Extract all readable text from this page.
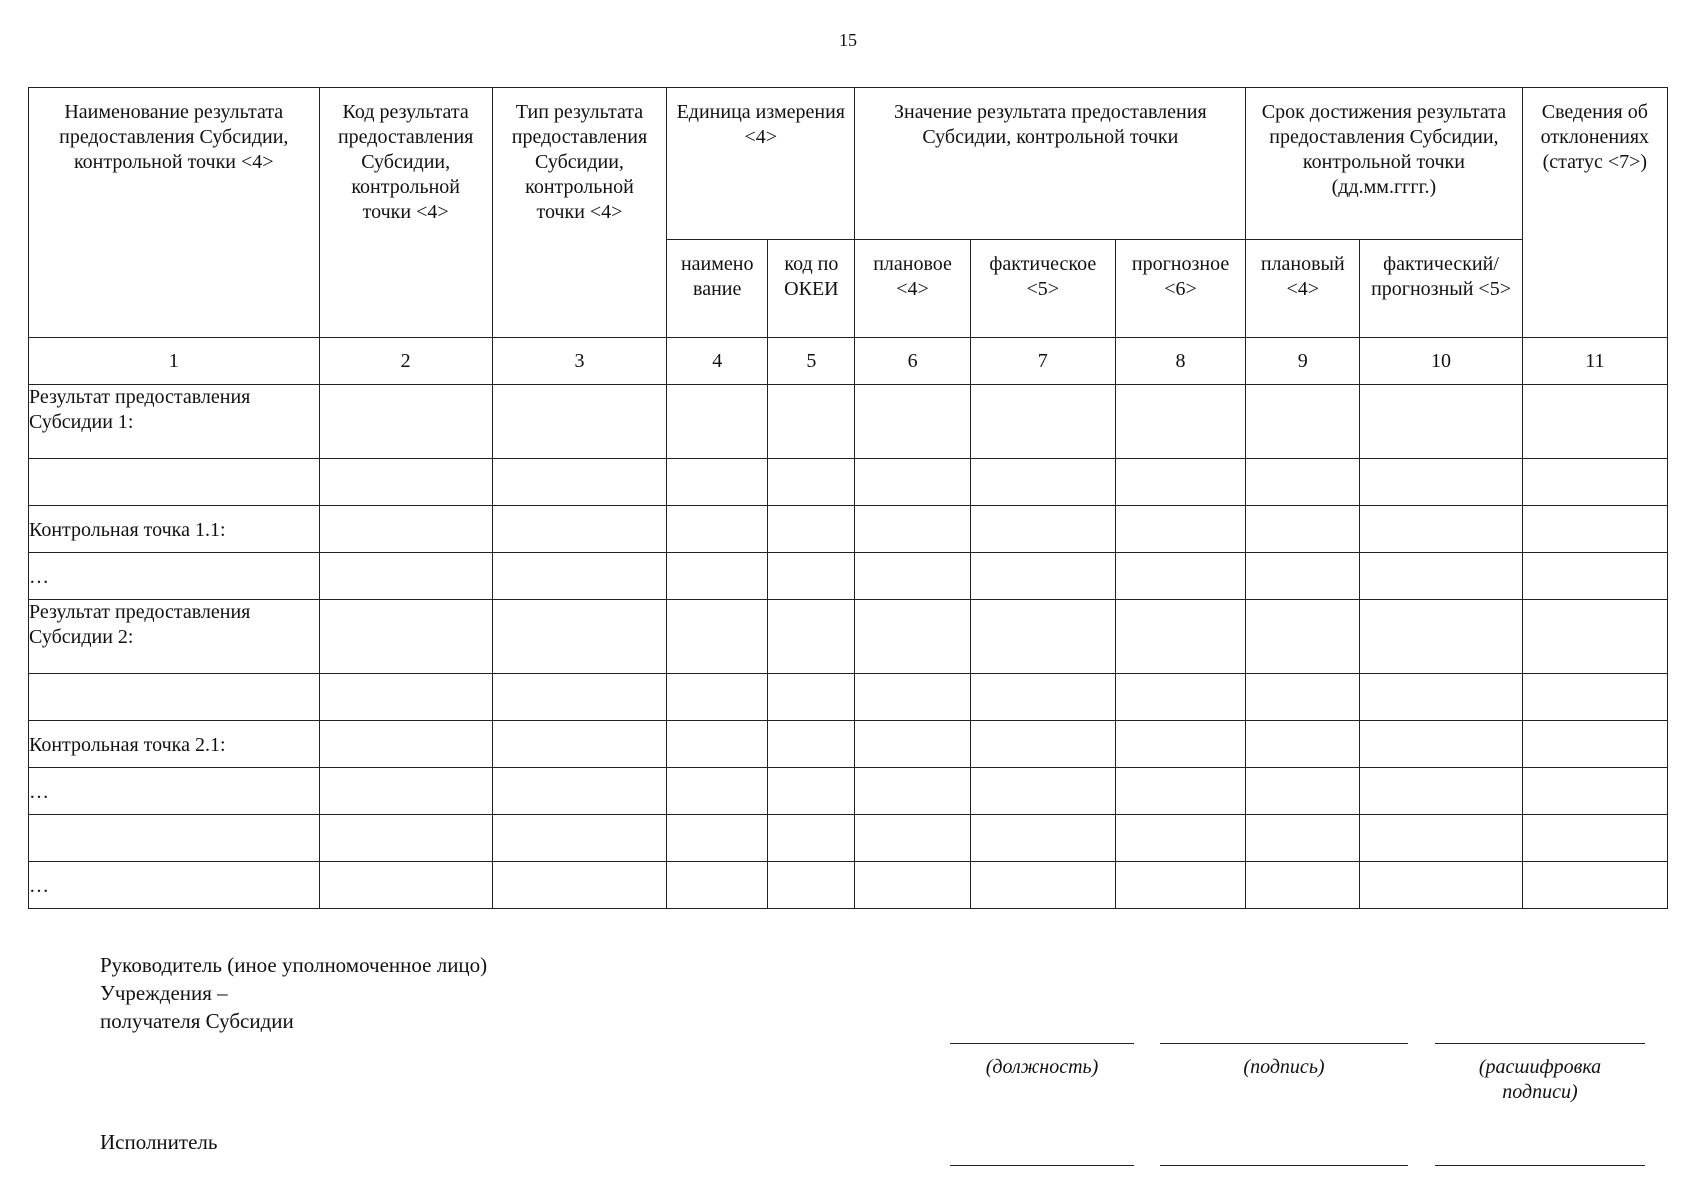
15
Наименование результата предоставления Субсидии, контрольной точки <4>	Код результата предоставления Субсидии, контрольной точки <4>	Тип результата предоставления Субсидии, контрольной точки <4>	Единица измерения <4>		Значение результата предоставления Субсидии, контрольной точки			Срок достижения результата предоставления Субсидии, контрольной точки (дд.мм.гггг.)		Сведения об отклонениях (статус <7>)
			наимено вание	код по ОКЕИ	плановое <4>	фактическое <5>	прогнозное <6>	плановый <4>	фактический/ прогнозный <5>	
1	2	3	4	5	6	7	8	9	10	11
Результат предоставления Субсидии 1:										

Контрольная точка 1.1:										
…										
Результат предоставления Субсидии 2:										

Контрольная точка 2.1:										
…										

…										
Руководитель (иное уполномоченное лицо)
Учреждения –
получателя Субсидии
(должность)	(подпись)	(расшифровка подписи)
Исполнитель
